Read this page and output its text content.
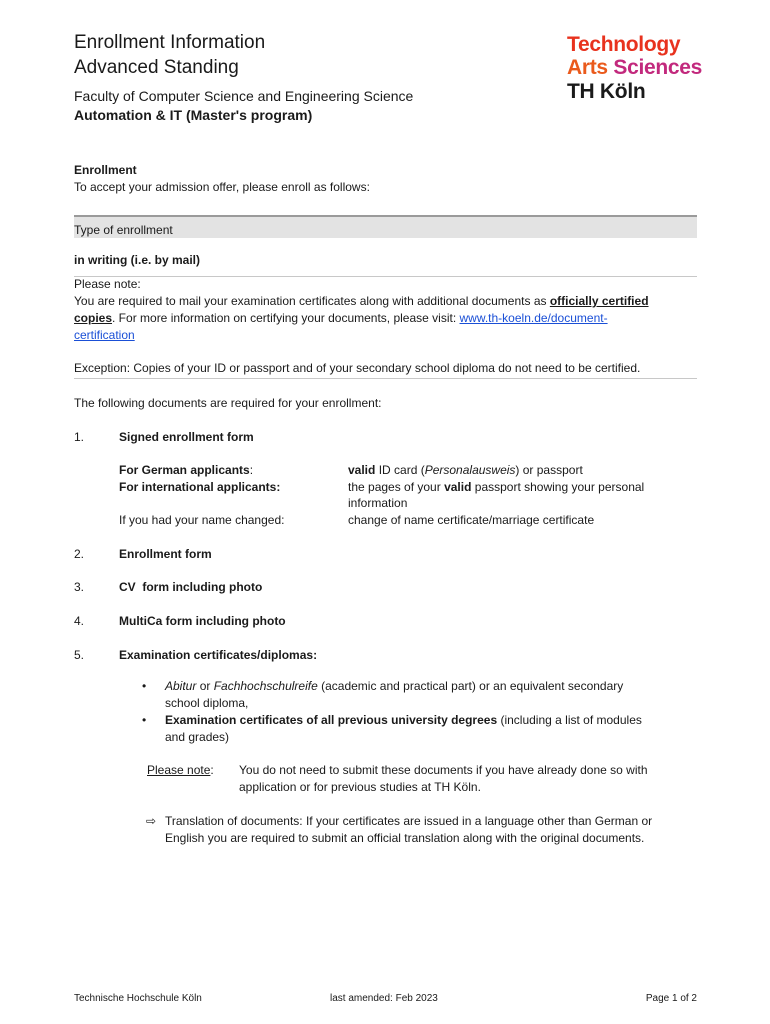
Enrollment Information
Advanced Standing
Faculty of Computer Science and Engineering Science
Automation & IT (Master's program)
Technology
Arts Sciences
TH Köln
Enrollment
To accept your admission offer, please enroll as follows:
Type of enrollment
in writing (i.e. by mail)
Please note:
You are required to mail your examination certificates along with additional documents as officially certified
copies. For more information on certifying your documents, please visit: www.th-koeln.de/document-
certification
Exception: Copies of your ID or passport and of your secondary school diploma do not need to be certified.
The following documents are required for your enrollment:
1.	Signed enrollment form
For German applicants:	valid ID card (Personalausweis) or passport
For international applicants:	the pages of your valid passport showing your personal
information
If you had your name changed:	change of name certificate/marriage certificate
2.	Enrollment form
3.	CV  form including photo
4.	MultiCa form including photo
5.	Examination certificates/diplomas:
• Abitur or Fachhochschulreife (academic and practical part) or an equivalent secondary
school diploma,
• Examination certificates of all previous university degrees (including a list of modules
and grades)
Please note: You do not need to submit these documents if you have already done so with
application or for previous studies at TH Köln.
⇨ Translation of documents: If your certificates are issued in a language other than German or
English you are required to submit an official translation along with the original documents.
Technische Hochschule Köln	last amended: Feb 2023	Page 1 of 2
